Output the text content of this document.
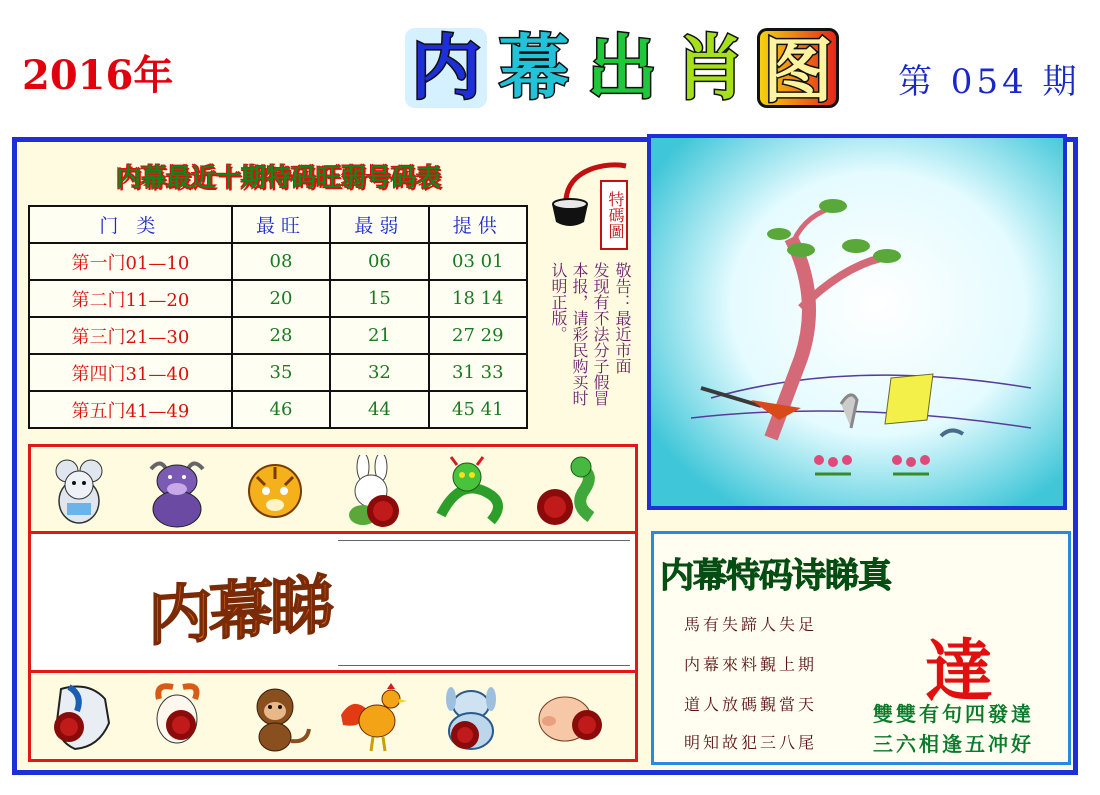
2016年	内 幕 出 肖 图 第 054 期
内幕最近十期特码旺弱号码表
门 类	最旺	最弱	提供
第一门01—10	08	06	03 01
第二门11—20	20	15	18 14
第三门21—30	28	21	27 29
第四门31—40	35	32	31 33
第五门41—49	46	44	45 41
特碼圖
敬告：最近市面
发现有不法分子假冒
本报，请彩民购买时
认明正版。
内幕睇	内幕特码诗睇真
馬有失蹄人失足
内幕來料覲上期
道人放碼覲當天
明知故犯三八尾
達
雙雙有句四發達
三六相逢五冲好
